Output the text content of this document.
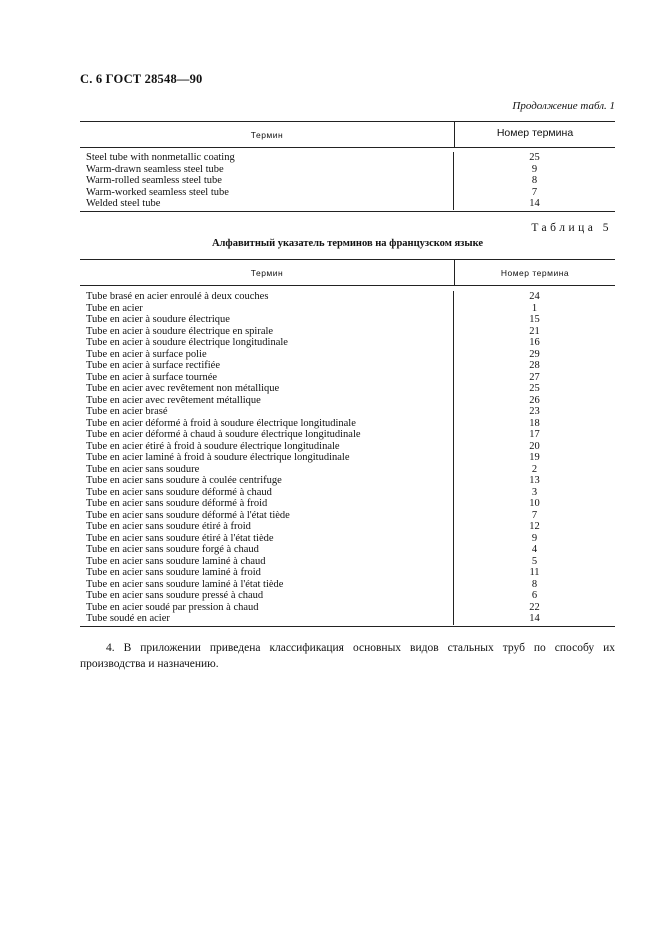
С. 6 ГОСТ 28548—90
Продолжение табл. 1
Термин	Номер термина
Steel tube with nonmetallic coating
Warm-drawn seamless steel tube
Warm-rolled seamless steel tube
Warm-worked seamless steel tube
Welded steel tube
25
9
8
7
14
Таблица 5
Алфавитный указатель терминов на французском языке
Термин	Номер термина
Tube brasé en acier enroulé à deux couches
Tube en acier
Tube en acier à soudure électrique
Tube en acier à soudure électrique en spirale
Tube en acier à soudure électrique longitudinale
Tube en acier à surface polie
Tube en acier à surface rectifiée
Tube en acier à surface tournée
Tube en acier avec revêtement non métallique
Tube en acier avec revêtement métallique
Tube en acier brasé
Tube en acier déformé à froid à soudure électrique longitudinale
Tube en acier déformé à chaud à soudure électrique longitudinale
Tube en acier étiré à froid à soudure électrique longitudinale
Tube en acier laminé à froid à soudure électrique longitudinale
Tube en acier sans soudure
Tube en acier sans soudure à coulée centrifuge
Tube en acier sans soudure déformé à chaud
Tube en acier sans soudure déformé à froid
Tube en acier sans soudure déformé à l'état tiède
Tube en acier sans soudure étiré à froid
Tube en acier sans soudure étiré à l'état tiède
Tube en acier sans soudure forgé à chaud
Tube en acier sans soudure laminé à chaud
Tube en acier sans soudure laminé à froid
Tube en acier sans soudure laminé à l'état tiède
Tube en acier sans soudure pressé à chaud
Tube en acier soudé par pression à chaud
Tube soudé en acier
24
1
15
21
16
29
28
27
25
26
23
18
17
20
19
2
13
3
10
7
12
9
4
5
11
8
6
22
14
4. В приложении приведена классификация основных видов стальных труб по способу их производства и назначению.
